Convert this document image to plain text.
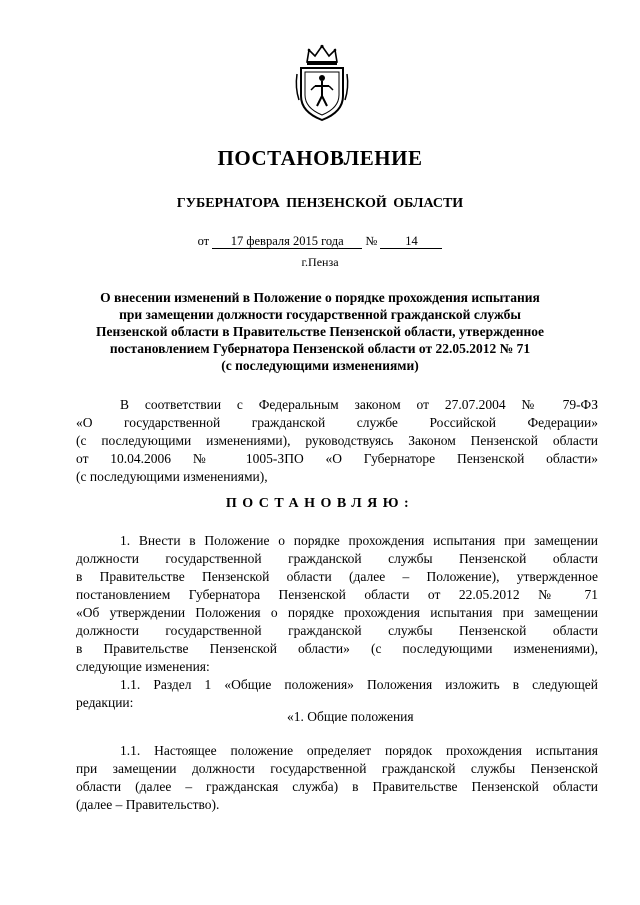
ПОСТАНОВЛЕНИЕ
ГУБЕРНАТОРА ПЕНЗЕНСКОЙ ОБЛАСТИ
от 17 февраля 2015 года № 14
г.Пенза
О внесении изменений в Положение о порядке прохождения испытания
при замещении должности государственной гражданской службы
Пензенской области в Правительстве Пензенской области, утвержденное
постановлением Губернатора Пензенской области от 22.05.2012 № 71
(с последующими изменениями)
В соответствии с Федеральным законом от 27.07.2004 № 79-ФЗ
«О государственной гражданской службе Российской Федерации»
(с последующими изменениями), руководствуясь Законом Пензенской области
от 10.04.2006 № 1005-ЗПО «О Губернаторе Пензенской области»
(с последующими изменениями),
ПОСТАНОВЛЯЮ:
1. Внести в Положение о порядке прохождения испытания при замещении
должности государственной гражданской службы Пензенской области
в Правительстве Пензенской области (далее – Положение), утвержденное
постановлением Губернатора Пензенской области от 22.05.2012 № 71
«Об утверждении Положения о порядке прохождения испытания при замещении
должности государственной гражданской службы Пензенской области
в Правительстве Пензенской области» (с последующими изменениями),
следующие изменения:
1.1. Раздел 1 «Общие положения» Положения изложить в следующей
редакции:
«1. Общие положения
1.1. Настоящее положение определяет порядок прохождения испытания
при замещении должности государственной гражданской службы Пензенской
области (далее – гражданская служба) в Правительстве Пензенской области
(далее – Правительство).
